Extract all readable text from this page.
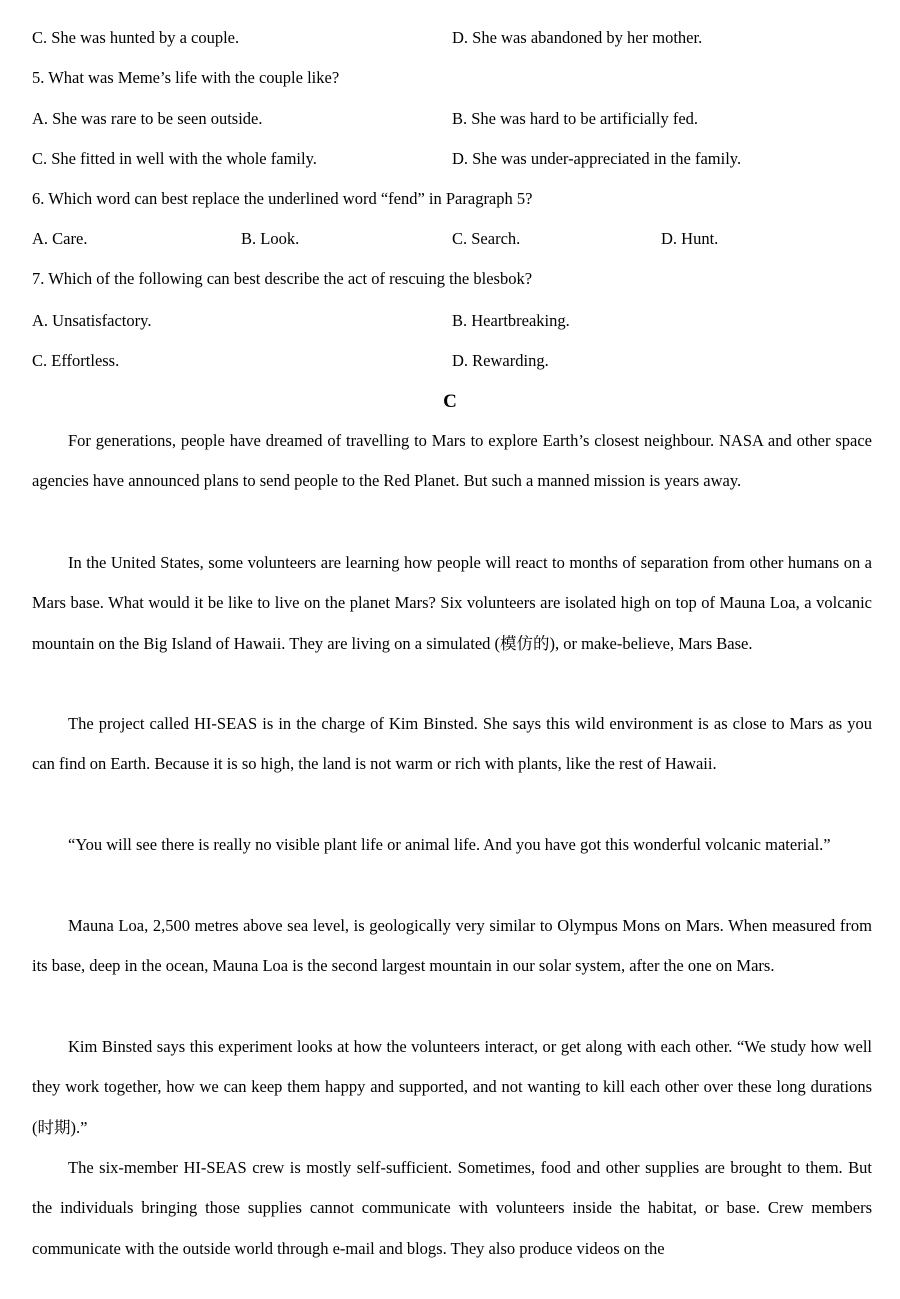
C. She was hunted by a couple.	D. She was abandoned by her mother.
5. What was Meme’s life with the couple like?
A. She was rare to be seen outside.	B. She was hard to be artificially fed.
C. She fitted in well with the whole family.	D. She was under-appreciated in the family.
6. Which word can best replace the underlined word “fend” in Paragraph 5?
A. Care.	B. Look.	C. Search.	D. Hunt.
7. Which of the following can best describe the act of rescuing the blesbok?
A. Unsatisfactory.	B. Heartbreaking.
C. Effortless.	D. Rewarding.
C

For generations, people have dreamed of travelling to Mars to explore Earth’s closest neighbour. NASA and other space agencies have announced plans to send people to the Red Planet. But such a manned mission is years away.

In the United States, some volunteers are learning how people will react to months of separation from other humans on a Mars base. What would it be like to live on the planet Mars? Six volunteers are isolated high on top of Mauna Loa, a volcanic mountain on the Big Island of Hawaii. They are living on a simulated (模仿的), or make-believe, Mars Base.

The project called HI-SEAS is in the charge of Kim Binsted. She says this wild environment is as close to Mars as you can find on Earth. Because it is so high, the land is not warm or rich with plants, like the rest of Hawaii.

“You will see there is really no visible plant life or animal life. And you have got this wonderful volcanic material.”

Mauna Loa, 2,500 metres above sea level, is geologically very similar to Olympus Mons on Mars. When measured from its base, deep in the ocean, Mauna Loa is the second largest mountain in our solar system, after the one on Mars.

Kim Binsted says this experiment looks at how the volunteers interact, or get along with each other. “We study how well they work together, how we can keep them happy and supported, and not wanting to kill each other over these long durations (时期).”

The six-member HI-SEAS crew is mostly self-sufficient. Sometimes, food and other supplies are brought to them. But the individuals bringing those supplies cannot communicate with volunteers inside the habitat, or base. Crew members communicate with the outside world through e-mail and blogs. They also produce videos on the
